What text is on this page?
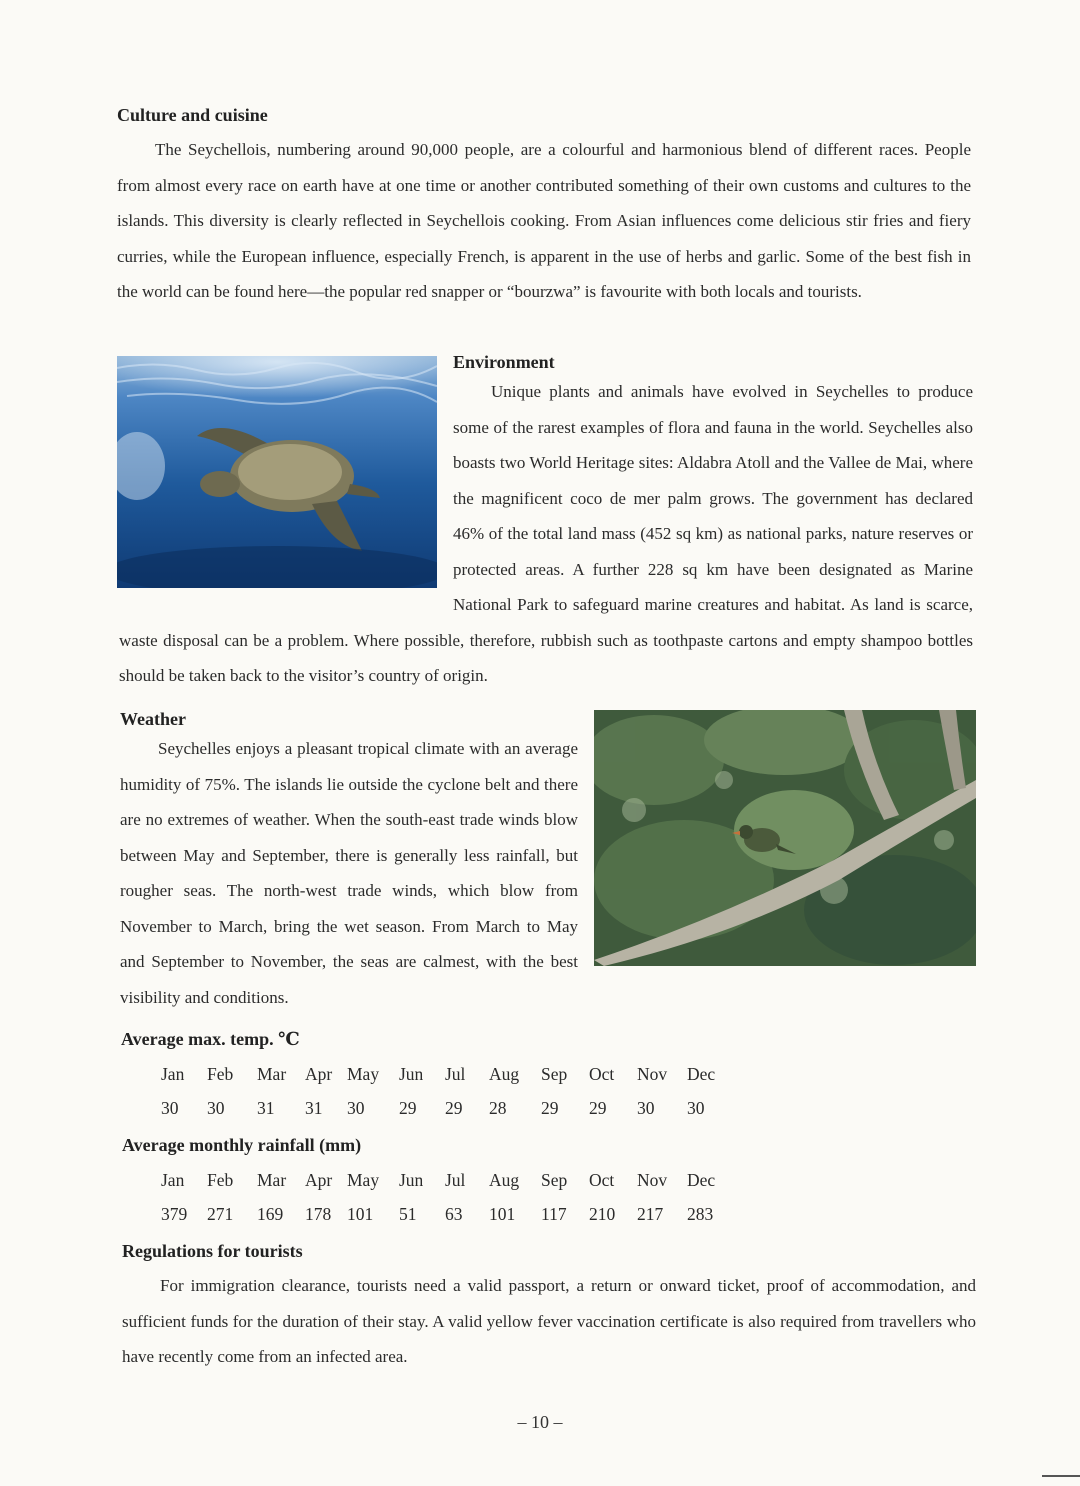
Culture and cuisine

The Seychellois, numbering around 90,000 people, are a colourful and harmonious blend of different races. People from almost every race on earth have at one time or another contributed something of their own customs and cultures to the islands. This diversity is clearly reflected in Seychellois cooking. From Asian influences come delicious stir fries and fiery curries, while the European influence, especially French, is apparent in the use of herbs and garlic. Some of the best fish in the world can be found here—the popular red snapper or “bourzwa” is favourite with both locals and tourists.

Environment

Unique plants and animals have evolved in Seychelles to produce some of the rarest examples of flora and fauna in the world. Seychelles also boasts two World Heritage sites: Aldabra Atoll and the Vallee de Mai, where the magnificent coco de mer palm grows. The government has declared 46% of the total land mass (452 sq km) as national parks, nature reserves or protected areas. A further 228 sq km have been designated as Marine National Park to safeguard marine creatures and habitat. As land is scarce, waste disposal can be a problem. Where possible, therefore, rubbish such as toothpaste cartons and empty shampoo bottles should be taken back to the visitor’s country of origin.

Weather

Seychelles enjoys a pleasant tropical climate with an average humidity of 75%. The islands lie outside the cyclone belt and there are no extremes of weather. When the south-east trade winds blow between May and September, there is generally less rainfall, but rougher seas. The north-west trade winds, which blow from November to March, bring the wet season. From March to May and September to November, the seas are calmest, with the best visibility and conditions.

Average max. temp. ℃
Jan	Feb	Mar	Apr May	Jun	Jul	Aug	Sep	Oct	Nov	Dec
30	30	31	31	30	29	29	28	29	29	30	30
Average monthly rainfall (mm)
Jan	Feb	Mar	Apr May	Jun	Jul	Aug	Sep	Oct	Nov	Dec
379	271	169	178 101	51	63	101	117	210	217	283
Regulations for tourists

For immigration clearance, tourists need a valid passport, a return or onward ticket, proof of accommodation, and sufficient funds for the duration of their stay. A valid yellow fever vaccination certificate is also required from travellers who have recently come from an infected area.

– 10 –
